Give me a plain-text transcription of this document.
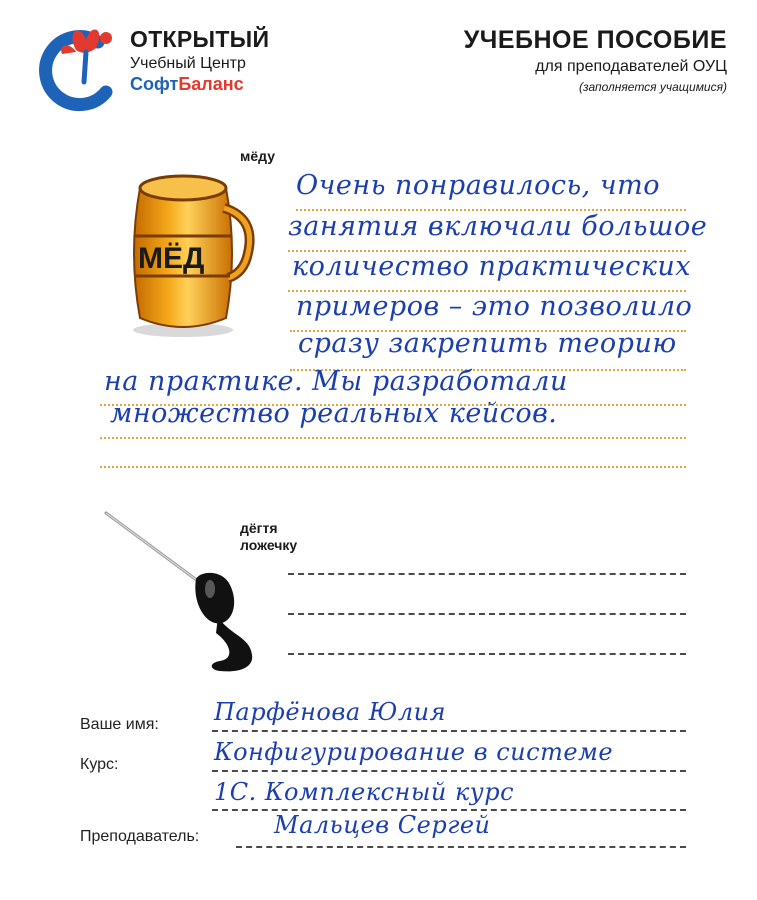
ОТКРЫТЫЙ
Учебный Центр
СофтБаланс
УЧЕБНОЕ ПОСОБИЕ
для преподавателей ОУЦ
(заполняется учащимися)
мёду
МЁД
Очень понравилось, что
занятия включали большое
количество практических
примеров – это позволило
сразу закрепить теорию
на практике. Мы разработали
множество реальных кейсов.
дёгтя
ложечку
Ваше имя: Парфёнова Юлия
Курс:	Конфигурирование в системе
1С. Комплексный курс
Преподаватель:	Мальцев Сергей
